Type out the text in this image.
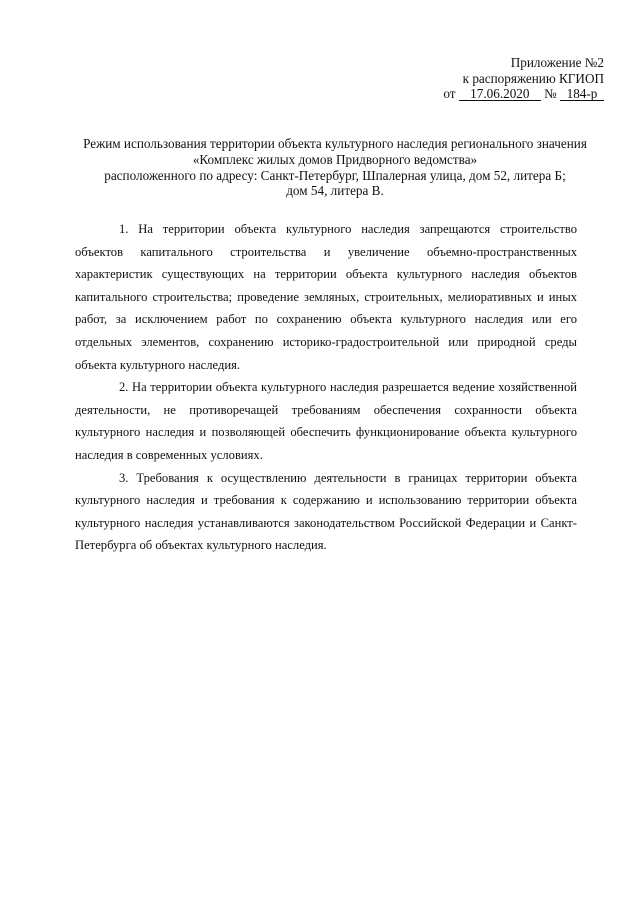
Приложение №2
к распоряжению КГИОП
от 17.06.2020 № 184-р
Режим использования территории объекта культурного наследия регионального значения
«Комплекс жилых домов Придворного ведомства»
расположенного по адресу: Санкт-Петербург, Шпалерная улица, дом 52, литера Б;
дом 54, литера В.

1. На территории объекта культурного наследия запрещаются строительство объектов капитального строительства и увеличение объемно-пространственных характеристик существующих на территории объекта культурного наследия объектов капитального строительства; проведение земляных, строительных, мелиоративных и иных работ, за исключением работ по сохранению объекта культурного наследия или его отдельных элементов, сохранению историко-градостроительной или природной среды объекта культурного наследия.

2. На территории объекта культурного наследия разрешается ведение хозяйственной деятельности, не противоречащей требованиям обеспечения сохранности объекта культурного наследия и позволяющей обеспечить функционирование объекта культурного наследия в современных условиях.

3. Требования к осуществлению деятельности в границах территории объекта культурного наследия и требования к содержанию и использованию территории объекта культурного наследия устанавливаются законодательством Российской Федерации и Санкт-Петербурга об объектах культурного наследия.
